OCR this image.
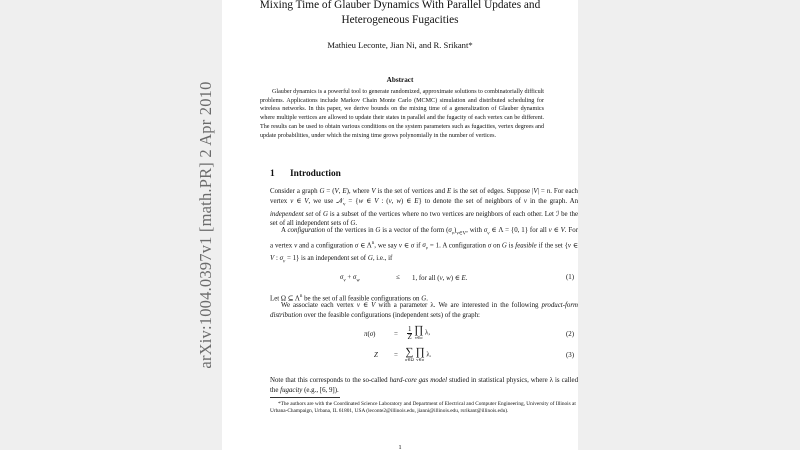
Mixing Time of Glauber Dynamics With Parallel Updates and
Heterogeneous Fugacities
Mathieu Leconte, Jian Ni, and R. Srikant*
Abstract
Glauber dynamics is a powerful tool to generate randomized, approximate solutions to combinatorially difficult problems. Applications include Markov Chain Monte Carlo (MCMC) simulation and distributed scheduling for wireless networks. In this paper, we derive bounds on the mixing time of a generalization of Glauber dynamics where multiple vertices are allowed to update their states in parallel and the fugacity of each vertex can be different. The results can be used to obtain various conditions on the system parameters such as fugacities, vertex degrees and update probabilities, under which the mixing time grows polynomially in the number of vertices.
1 Introduction
Consider a graph G = (V, E), where V is the set of vertices and E is the set of edges. Suppose |V| = n. For each vertex v ∈ V, we use 𝒩$_v$ = {w ∈ V : (v, w) ∈ E} to denote the set of neighbors of v in the graph. An independent set of G is a subset of the vertices where no two vertices are neighbors of each other. Let ℐ be the set of all independent sets of G.
A configuration of the vertices in G is a vector of the form $(\sigma_v)_{v\in V}$, with $\sigma_v$ ∈ Λ = {0, 1} for all v ∈ V. For a vertex v and a configuration σ ∈ $\Lambda^n$, we say v ∈ σ if $\sigma_v = 1$. A configuration σ on G is feasible if the set {v ∈ V : $\sigma_v = 1$} is an independent set of G, i.e., if
$\sigma_v + \sigma_w$	≤ 1, for all (v, w) ∈ E.	(1)
Let Ω ⊆ $\Lambda^n$ be the set of all feasible configurations on G.
We associate each vertex v ∈ V with a parameter λ. We are interested in the following product-form distribution over the feasible configurations (independent sets) of the graph:
π(σ)	= $\frac{1}{Z}$
∏
v∈σ
λ,	(2)
Z = ∑
σ∈Ω

∏
v∈σ
λ.	(3)
Note that this corresponds to the so-called hard-core gas model studied in statistical physics, where λ is called the fugacity (e.g., [6, 9]).
*The authors are with the Coordinated Science Laboratory and Department of Electrical and Computer Engineering, University of Illinois at Urbana-Champaign, Urbana, IL 61801, USA (leconte2@illinois.edu, jianni@illinois.edu, rsrikant@illinois.edu).
1
arXiv:1004.0397v1 [math.PR] 2 Apr 2010
